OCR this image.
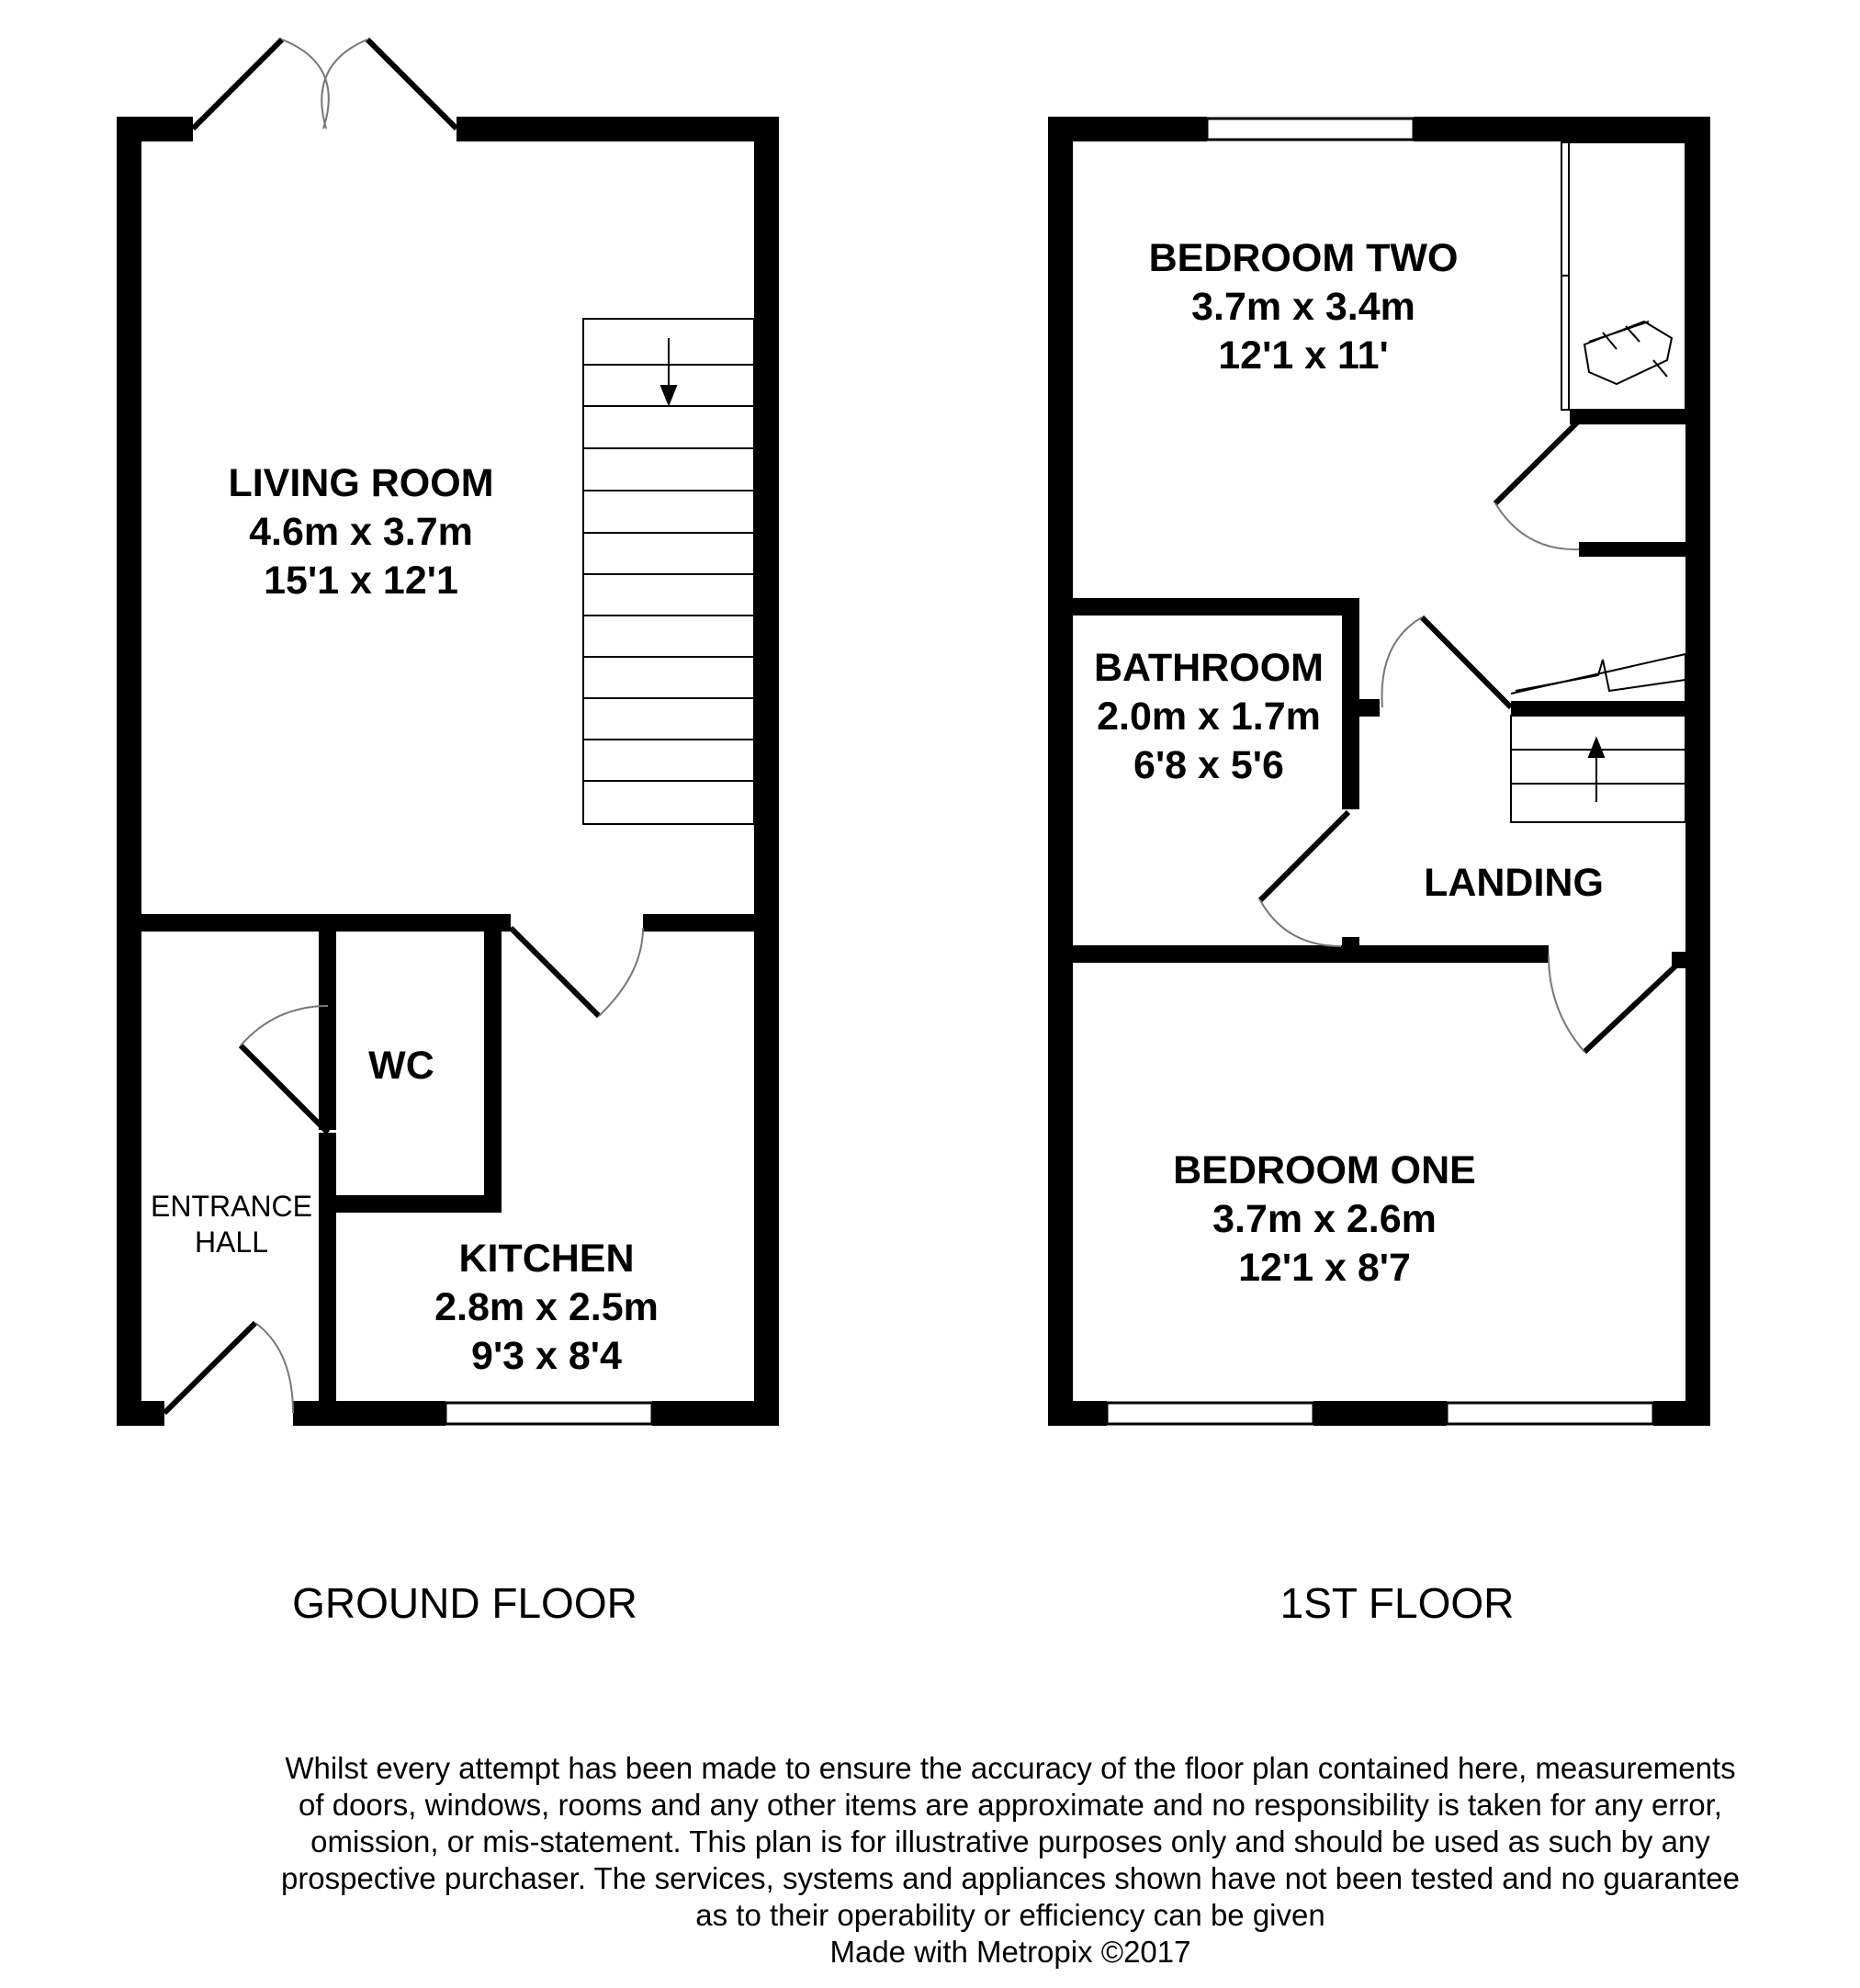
LIVING ROOM
4.6m x 3.7m
15'1 x 12'1
WC
ENTRANCE
HALL	KITCHEN
2.8m x 2.5m
9'3 x 8'4
GROUND FLOOR
BEDROOM TWO
3.7m x 3.4m
12'1 x 11'
BATHROOM
2.0m x 1.7m
6'8 x 5'6
LANDING
BEDROOM ONE
3.7m x 2.6m
12'1 x 8'7
1ST FLOOR
Whilst every attempt has been made to ensure the accuracy of the floor plan contained here, measurements
of doors, windows, rooms and any other items are approximate and no responsibility is taken for any error,
omission, or mis-statement. This plan is for illustrative purposes only and should be used as such by any
prospective purchaser. The services, systems and appliances shown have not been tested and no guarantee
as to their operability or efficiency can be given
Made with Metropix ©2017
